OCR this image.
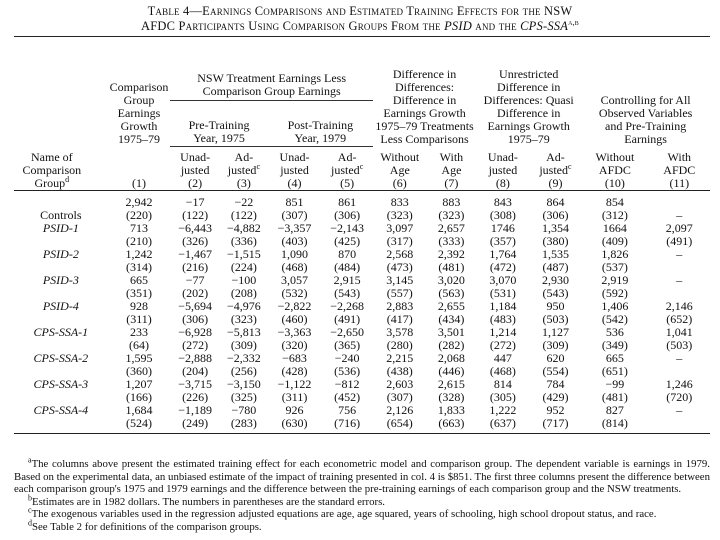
Table 4—Earnings Comparisons and Estimated Training Effects for the NSW
AFDC Participants Using Comparison Groups From the PSID and the CPS-SSA$^{a,b}$
	Comparison Group Earnings Growth 1975–79	NSW Treatment Earnings Less Comparison Group Earnings				Difference in Differences: Difference in Earnings Growth 1975–79 Treatments Less Comparisons		Unrestricted Difference in Differences: Quasi Difference in Earnings Growth 1975–79		Controlling for All Observed Variables and Pre-Training Earnings	
		Pre-Training Year, 1975		Post-Training Year, 1979							
Name of Comparison Group$^d$		Unad- justed	Ad- justed$^c$	Unad- justed	Ad- justed$^c$	Without Age	With Age	Unad- justed	Ad- justed$^c$	Without AFDC	With AFDC
	(1)	(2)	(3)	(4)	(5)	(6)	(7)	(8)	(9)	(10)	(11)
	2,942	−17	−22	851	861	833	883	843	864	854	
Controls	(220)	(122)	(122)	(307)	(306)	(323)	(323)	(308)	(306)	(312)	–
PSID-1	713	−6,443	−4,882	−3,357	−2,143	3,097	2,657	1746	1,354	1664	2,097
	(210)	(326)	(336)	(403)	(425)	(317)	(333)	(357)	(380)	(409)	(491)
PSID-2	1,242	−1,467	−1,515	1,090	870	2,568	2,392	1,764	1,535	1,826	–
	(314)	(216)	(224)	(468)	(484)	(473)	(481)	(472)	(487)	(537)	
PSID-3	665	−77	−100	3,057	2,915	3,145	3,020	3,070	2,930	2,919	–
	(351)	(202)	(208)	(532)	(543)	(557)	(563)	(531)	(543)	(592)	
PSID-4	928	−5,694	−4,976	−2,822	−2,268	2,883	2,655	1,184	950	1,406	2,146
	(311)	(306)	(323)	(460)	(491)	(417)	(434)	(483)	(503)	(542)	(652)
CPS-SSA-1	233	−6,928	−5,813	−3,363	−2,650	3,578	3,501	1,214	1,127	536	1,041
	(64)	(272)	(309)	(320)	(365)	(280)	(282)	(272)	(309)	(349)	(503)
CPS-SSA-2	1,595	−2,888	−2,332	−683	−240	2,215	2,068	447	620	665	–
	(360)	(204)	(256)	(428)	(536)	(438)	(446)	(468)	(554)	(651)	
CPS-SSA-3	1,207	−3,715	−3,150	−1,122	−812	2,603	2,615	814	784	−99	1,246
	(166)	(226)	(325)	(311)	(452)	(307)	(328)	(305)	(429)	(481)	(720)
CPS-SSA-4	1,684	−1,189	−780	926	756	2,126	1,833	1,222	952	827	–
	(524)	(249)	(283)	(630)	(716)	(654)	(663)	(637)	(717)	(814)	
$^a$The columns above present the estimated training effect for each econometric model and comparison group. The dependent variable is earnings in 1979. Based on the experimental data, an unbiased estimate of the impact of training presented in col. 4 is $851. The first three columns present the difference between each comparison group's 1975 and 1979 earnings and the difference between the pre-training earnings of each comparison group and the NSW treatments.
$^b$Estimates are in 1982 dollars. The numbers in parentheses are the standard errors.
$^c$The exogenous variables used in the regression adjusted equations are age, age squared, years of schooling, high school dropout status, and race.
$^d$See Table 2 for definitions of the comparison groups.
